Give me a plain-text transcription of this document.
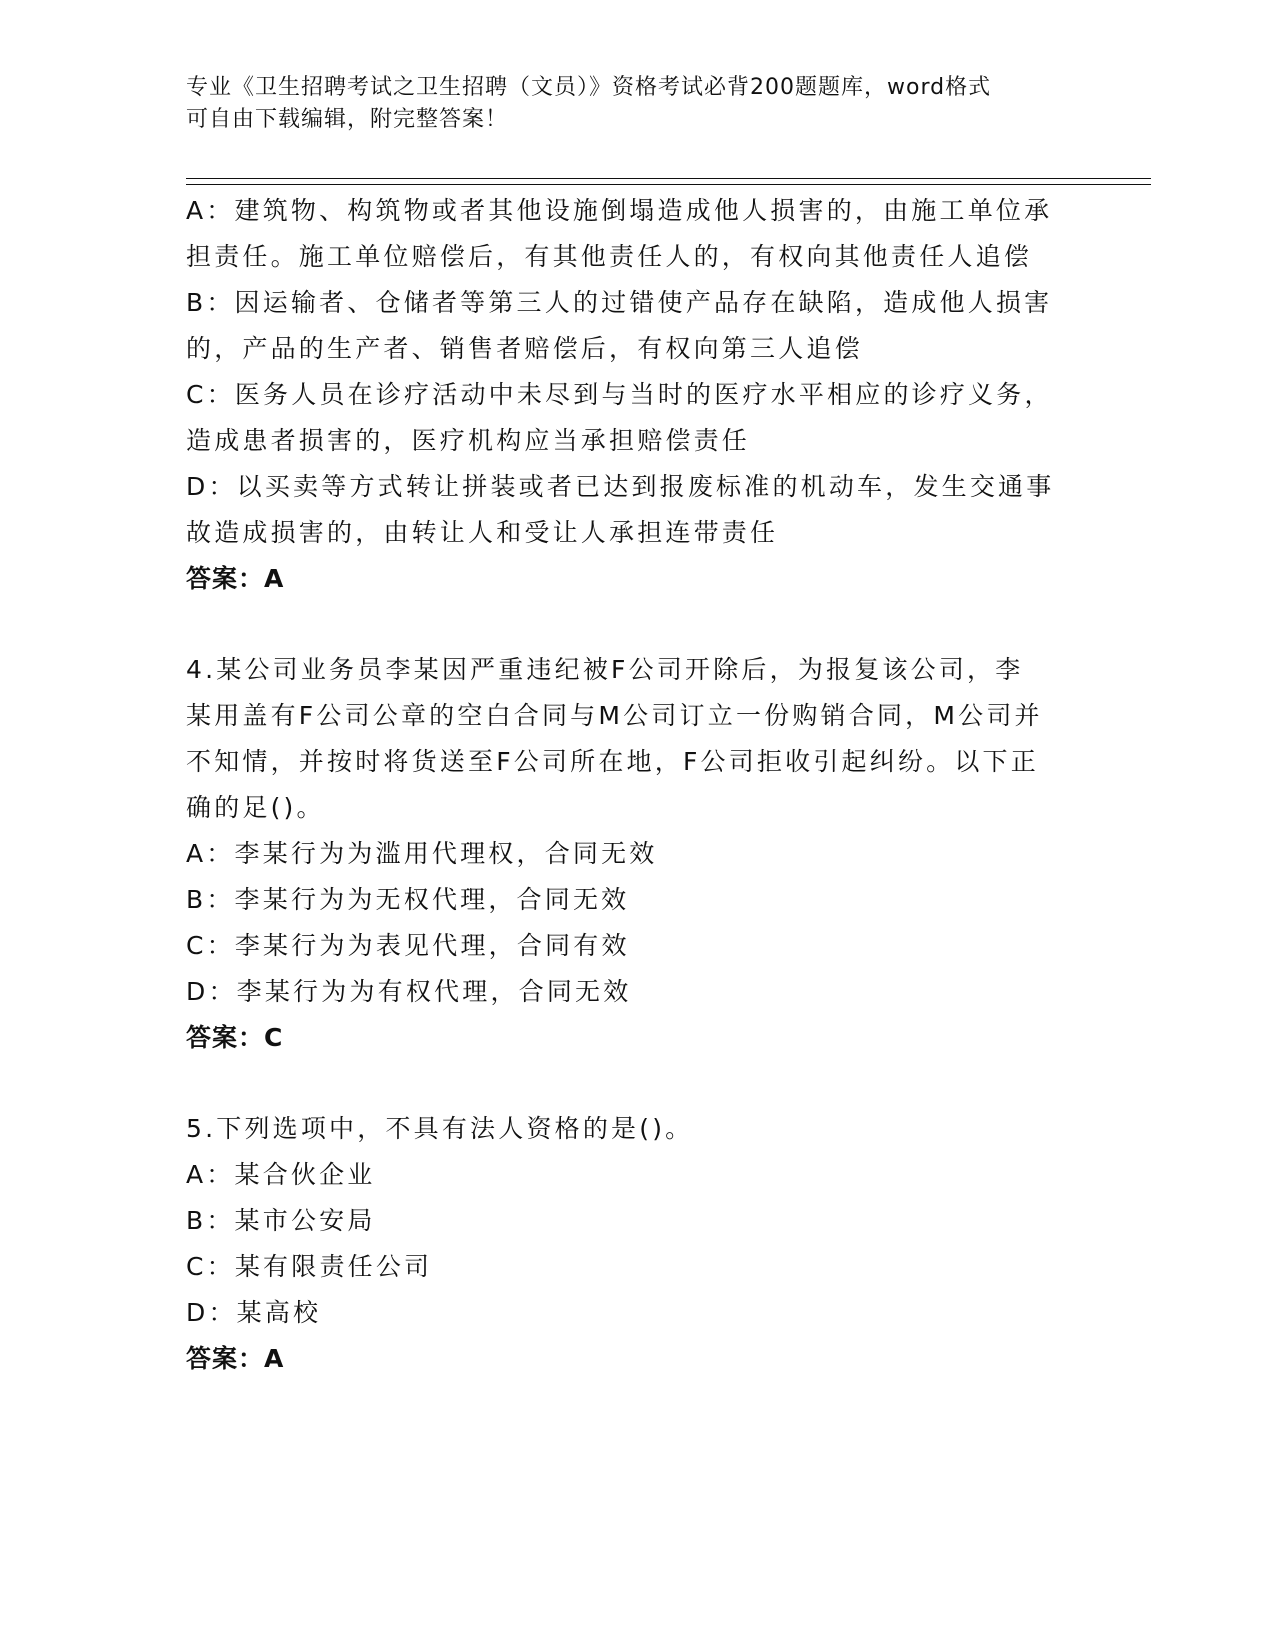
专业《卫生招聘考试之卫生招聘（文员）》资格考试必背200题题库，word格式
可自由下载编辑，附完整答案！
A：建筑物、构筑物或者其他设施倒塌造成他人损害的，由施工单位承
担责任。施工单位赔偿后，有其他责任人的，有权向其他责任人追偿
B：因运输者、仓储者等第三人的过错使产品存在缺陷，造成他人损害
的，产品的生产者、销售者赔偿后，有权向第三人追偿
C：医务人员在诊疗活动中未尽到与当时的医疗水平相应的诊疗义务，
造成患者损害的，医疗机构应当承担赔偿责任
D：以买卖等方式转让拼装或者已达到报废标准的机动车，发生交通事
故造成损害的，由转让人和受让人承担连带责任
答案：A
4.某公司业务员李某因严重违纪被F公司开除后，为报复该公司，李
某用盖有F公司公章的空白合同与M公司订立一份购销合同，M公司并
不知情，并按时将货送至F公司所在地，F公司拒收引起纠纷。以下正
确的足()。
A：李某行为为滥用代理权，合同无效
B：李某行为为无权代理，合同无效
C：李某行为为表见代理，合同有效
D：李某行为为有权代理，合同无效
答案：C
5.下列选项中，不具有法人资格的是()。
A：某合伙企业
B：某市公安局
C：某有限责任公司
D：某高校
答案：A
